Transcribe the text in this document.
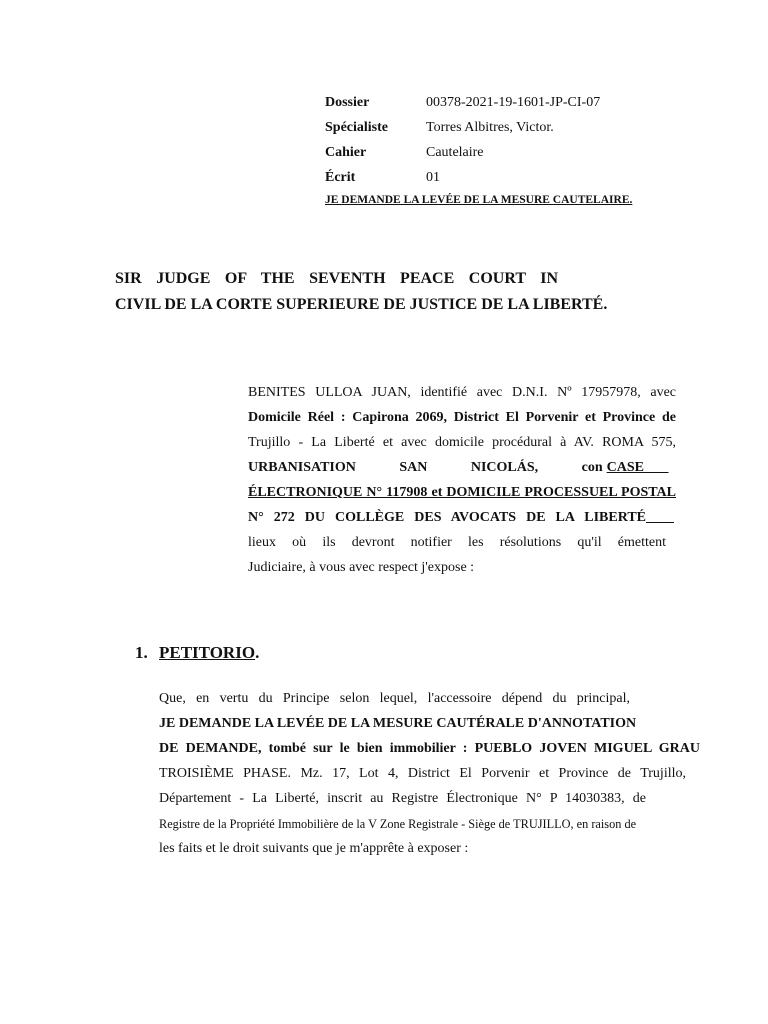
Dossier	00378-2021-19-1601-JP-CI-07
Spécialiste	Torres Albitres, Victor.
Cahier	Cautelaire
Écrit	01
JE DEMANDE LA LEVÉE DE LA MESURE CAUTELAIRE.
SIR JUDGE OF THE SEVENTH PEACE COURT IN
CIVIL DE LA CORTE SUPERIEURE DE JUSTICE DE LA LIBERTÉ.
BENITES ULLOA JUAN, identifié avec D.N.I. Nº 17957978, avec
Domicile Réel : Capirona 2069, District El Porvenir et Province de
Trujillo - La Liberté et avec domicile procédural à AV. ROMA 575,
URBANISATION SAN NICOLÁS, con CASE
ÉLECTRONIQUE N° 117908 et DOMICILE PROCESSUEL POSTAL
N° 272 DU COLLÈGE DES AVOCATS DE LA LIBERTÉ
lieux où ils devront notifier les résolutions qu'il émettent
Judiciaire, à vous avec respect j'expose :
1. PETITORIO.
Que, en vertu du Principe selon lequel, l'accessoire dépend du principal,
JE DEMANDE LA LEVÉE DE LA MESURE CAUTÉRALE D'ANNOTATION
DE DEMANDE, tombé sur le bien immobilier : PUEBLO JOVEN MIGUEL GRAU
TROISIÈME PHASE. Mz. 17, Lot 4, District El Porvenir et Province de Trujillo,
Département - La Liberté, inscrit au Registre Électronique N° P 14030383, de
Registre de la Propriété Immobilière de la V Zone Registrale - Siège de TRUJILLO, en raison de
les faits et le droit suivants que je m'apprête à exposer :
